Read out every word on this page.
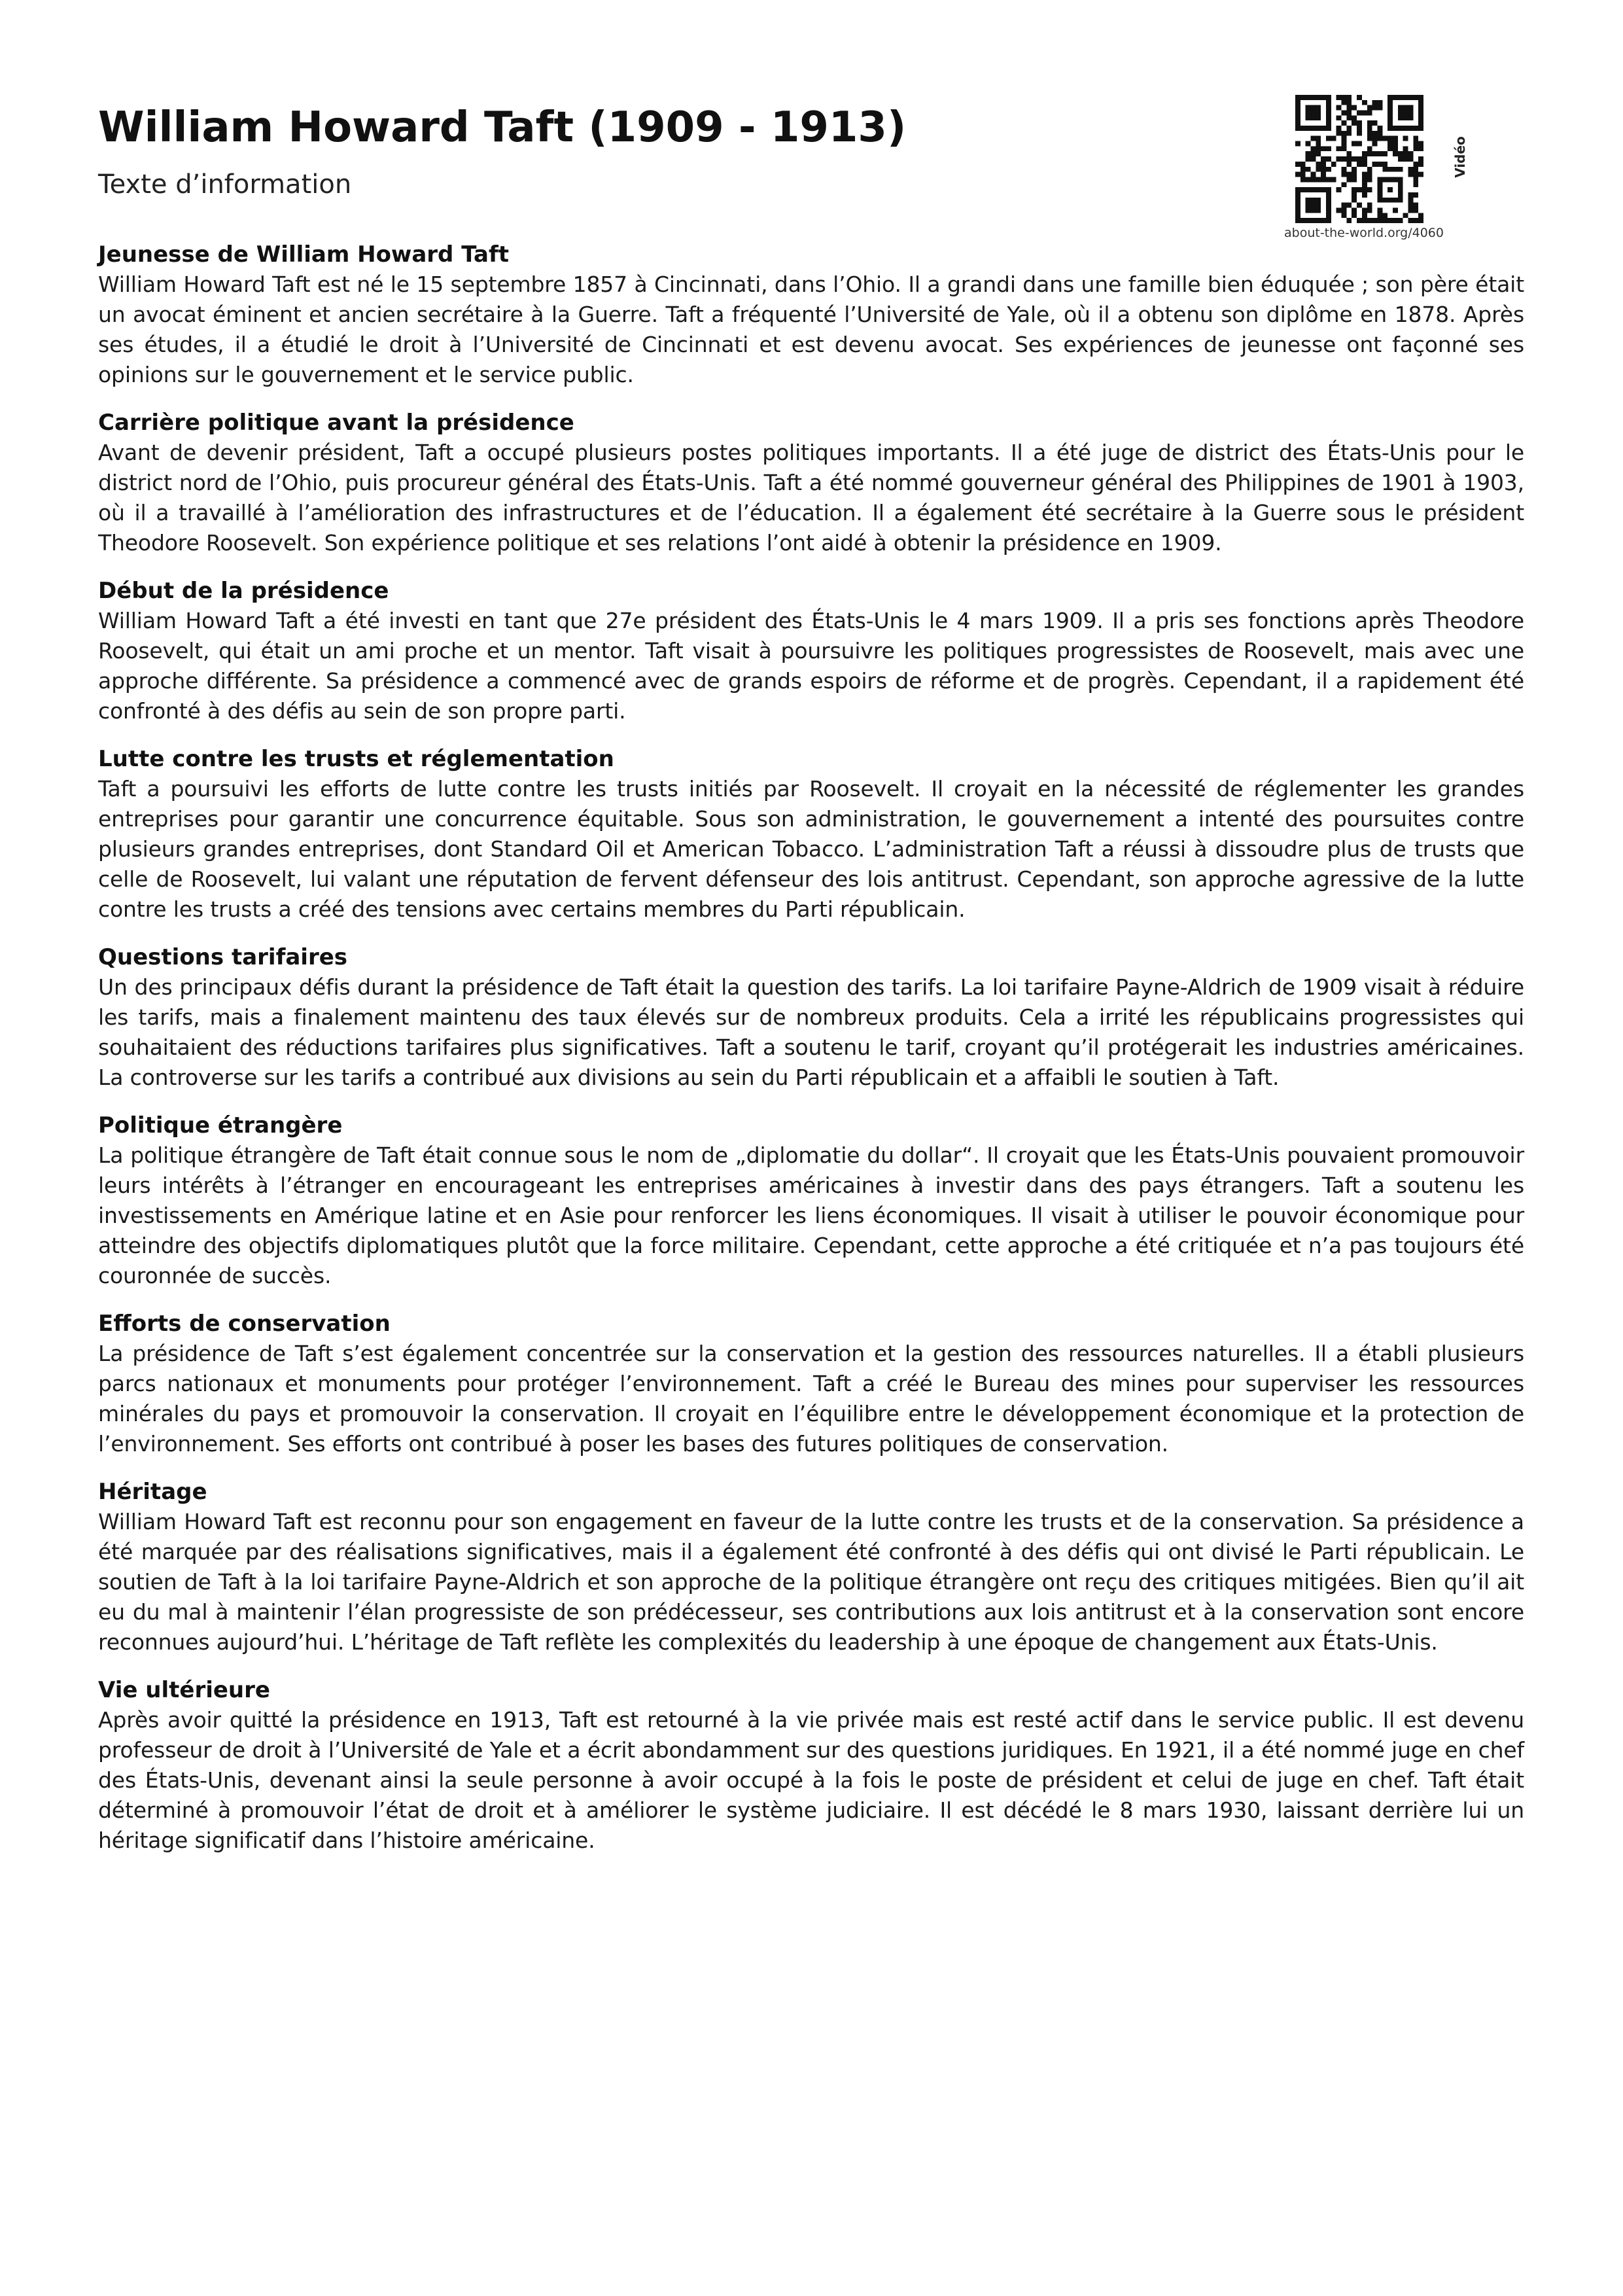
William Howard Taft (1909 - 1913)

Texte d’information

about-the-world.org/4060
Vidéo
Jeunesse de William Howard Taft

William Howard Taft est né le 15 septembre 1857 à Cincinnati, dans l’Ohio. Il a grandi dans une famille bien éduquée ; son père était un avocat éminent et ancien secrétaire à la Guerre. Taft a fréquenté l’Université de Yale, où il a obtenu son diplôme en 1878. Après ses études, il a étudié le droit à l’Université de Cincinnati et est devenu avocat. Ses expériences de jeunesse ont façonné ses opinions sur le gouvernement et le service public.

Carrière politique avant la présidence

Avant de devenir président, Taft a occupé plusieurs postes politiques importants. Il a été juge de district des États-Unis pour le district nord de l’Ohio, puis procureur général des États-Unis. Taft a été nommé gouverneur général des Philippines de 1901 à 1903, où il a travaillé à l’amélioration des infrastructures et de l’éducation. Il a également été secrétaire à la Guerre sous le président Theodore Roosevelt. Son expérience politique et ses relations l’ont aidé à obtenir la présidence en 1909.

Début de la présidence

William Howard Taft a été investi en tant que 27e président des États-Unis le 4 mars 1909. Il a pris ses fonctions après Theodore Roosevelt, qui était un ami proche et un mentor. Taft visait à poursuivre les politiques progressistes de Roosevelt, mais avec une approche différente. Sa présidence a commencé avec de grands espoirs de réforme et de progrès. Cependant, il a rapidement été confronté à des défis au sein de son propre parti.

Lutte contre les trusts et réglementation

Taft a poursuivi les efforts de lutte contre les trusts initiés par Roosevelt. Il croyait en la nécessité de réglementer les grandes entreprises pour garantir une concurrence équitable. Sous son administration, le gouvernement a intenté des poursuites contre plusieurs grandes entreprises, dont Standard Oil et American Tobacco. L’administration Taft a réussi à dissoudre plus de trusts que celle de Roosevelt, lui valant une réputation de fervent défenseur des lois antitrust. Cependant, son approche agressive de la lutte contre les trusts a créé des tensions avec certains membres du Parti républicain.

Questions tarifaires

Un des principaux défis durant la présidence de Taft était la question des tarifs. La loi tarifaire Payne-Aldrich de 1909 visait à réduire les tarifs, mais a finalement maintenu des taux élevés sur de nombreux produits. Cela a irrité les républicains progressistes qui souhaitaient des réductions tarifaires plus significatives. Taft a soutenu le tarif, croyant qu’il protégerait les industries américaines. La controverse sur les tarifs a contribué aux divisions au sein du Parti républicain et a affaibli le soutien à Taft.

Politique étrangère

La politique étrangère de Taft était connue sous le nom de „diplomatie du dollar“. Il croyait que les États-Unis pouvaient promouvoir leurs intérêts à l’étranger en encourageant les entreprises américaines à investir dans des pays étrangers. Taft a soutenu les investissements en Amérique latine et en Asie pour renforcer les liens économiques. Il visait à utiliser le pouvoir économique pour atteindre des objectifs diplomatiques plutôt que la force militaire. Cependant, cette approche a été critiquée et n’a pas toujours été couronnée de succès.

Efforts de conservation

La présidence de Taft s’est également concentrée sur la conservation et la gestion des ressources naturelles. Il a établi plusieurs parcs nationaux et monuments pour protéger l’environnement. Taft a créé le Bureau des mines pour superviser les ressources minérales du pays et promouvoir la conservation. Il croyait en l’équilibre entre le développement économique et la protection de l’environnement. Ses efforts ont contribué à poser les bases des futures politiques de conservation.

Héritage

William Howard Taft est reconnu pour son engagement en faveur de la lutte contre les trusts et de la conservation. Sa présidence a été marquée par des réalisations significatives, mais il a également été confronté à des défis qui ont divisé le Parti républicain. Le soutien de Taft à la loi tarifaire Payne-Aldrich et son approche de la politique étrangère ont reçu des critiques mitigées. Bien qu’il ait eu du mal à maintenir l’élan progressiste de son prédécesseur, ses contributions aux lois antitrust et à la conservation sont encore reconnues aujourd’hui. L’héritage de Taft reflète les complexités du leadership à une époque de changement aux États-Unis.

Vie ultérieure

Après avoir quitté la présidence en 1913, Taft est retourné à la vie privée mais est resté actif dans le service public. Il est devenu professeur de droit à l’Université de Yale et a écrit abondamment sur des questions juridiques. En 1921, il a été nommé juge en chef des États-Unis, devenant ainsi la seule personne à avoir occupé à la fois le poste de président et celui de juge en chef. Taft était déterminé à promouvoir l’état de droit et à améliorer le système judiciaire. Il est décédé le 8 mars 1930, laissant derrière lui un héritage significatif dans l’histoire américaine.
